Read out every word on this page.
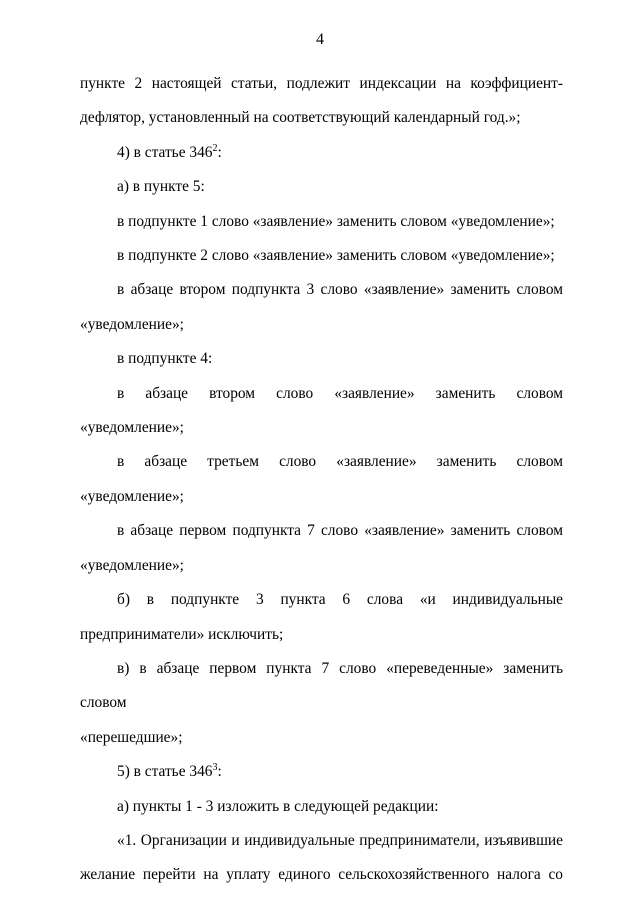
4
пункте 2 настоящей статьи, подлежит индексации на коэффициент-
дефлятор, установленный на соответствующий календарный год.»;
4) в статье $346^2$:
а) в пункте 5:
в подпункте 1 слово «заявление» заменить словом «уведомление»;
в подпункте 2 слово «заявление» заменить словом «уведомление»;
в абзаце втором подпункта 3 слово «заявление» заменить словом
«уведомление»;
в подпункте 4:
в абзаце втором слово «заявление» заменить словом «уведомление»;
в абзаце третьем слово «заявление» заменить словом «уведомление»;
в абзаце первом подпункта 7 слово «заявление» заменить словом
«уведомление»;
б) в подпункте 3 пункта 6 слова «и индивидуальные
предприниматели» исключить;
в) в абзаце первом пункта 7 слово «переведенные» заменить словом
«перешедшие»;
5) в статье $346^3$:
а) пункты 1 - 3 изложить в следующей редакции:
«1. Организации и индивидуальные предприниматели, изъявившие
желание перейти на уплату единого сельскохозяйственного налога со
